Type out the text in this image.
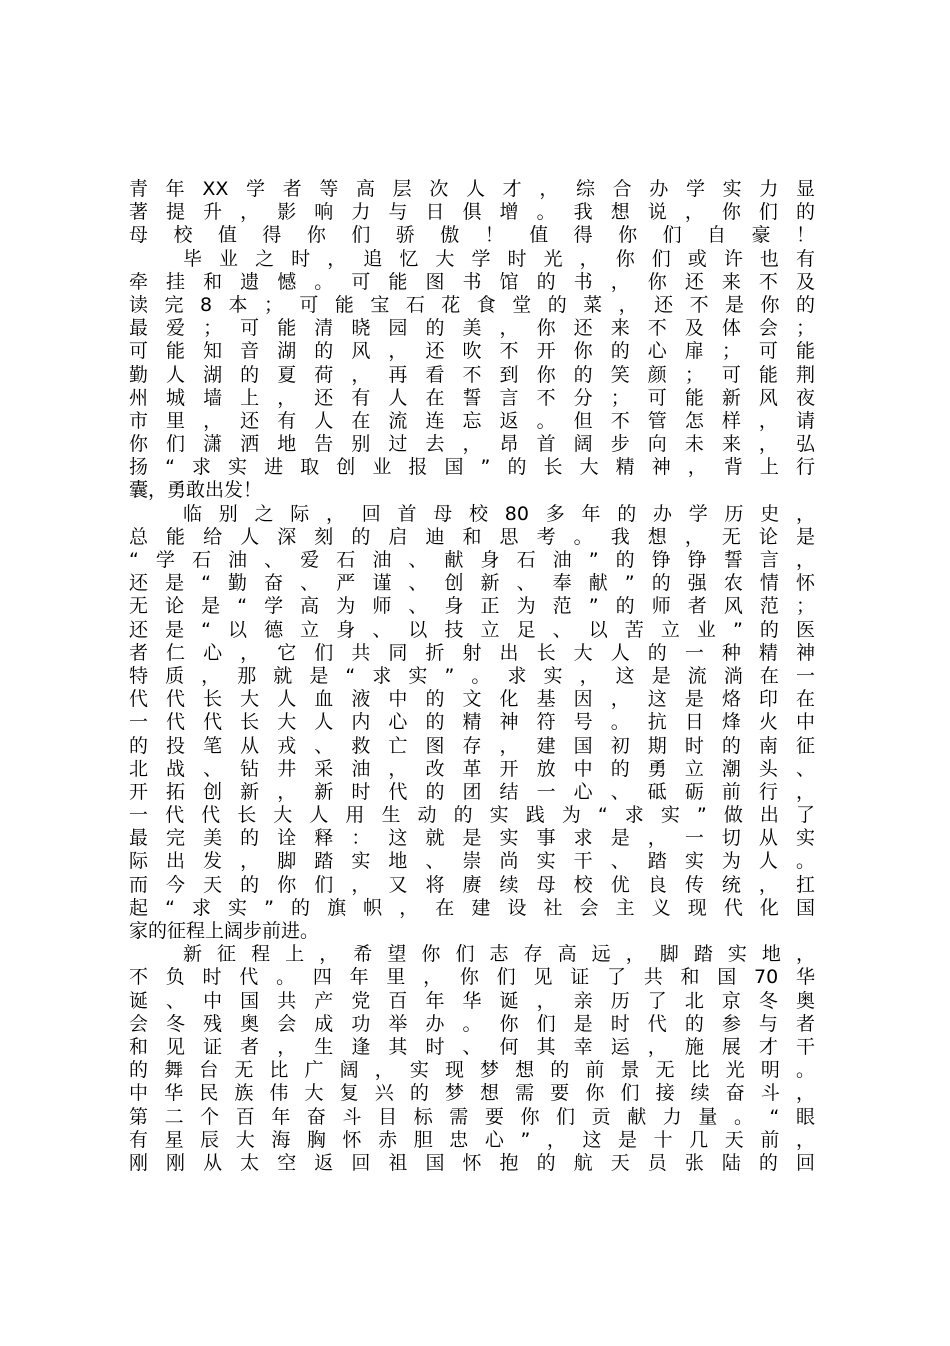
青年XX学者等高层次人才，综合办学实力显
著提升，影响力与日俱增。我想说，你们的
母校值得你们骄傲！值得你们自豪！
毕业之时，追忆大学时光，你们或许也有
牵挂和遗憾。可能图书馆的书，你还来不及
读完8本；可能宝石花食堂的菜，还不是你的
最爱；可能清晓园的美，你还来不及体会；
可能知音湖的风，还吹不开你的心扉；可能
勤人湖的夏荷，再看不到你的笑颜；可能荆
州城墙上，还有人在誓言不分；可能新风夜
市里，还有人在流连忘返。但不管怎样，请
你们潇洒地告别过去，昂首阔步向未来，弘
扬“求实进取创业报国”的长大精神，背上行
囊，勇敢出发！
临别之际，回首母校80多年的办学历史，
总能给人深刻的启迪和思考。我想，无论是
“学石油、爱石油、献身石油”的铮铮誓言，
还是“勤奋、严谨、创新、奉献”的强农情怀
无论是“学高为师、身正为范”的师者风范；
还是“以德立身、以技立足、以苦立业”的医
者仁心，它们共同折射出长大人的一种精神
特质，那就是“求实”。求实，这是流淌在一
代代长大人血液中的文化基因，这是烙印在
一代代长大人内心的精神符号。抗日烽火中
的投笔从戎、救亡图存，建国初期时的南征
北战、钻井采油，改革开放中的勇立潮头、
开拓创新，新时代的团结一心、砥砺前行，
一代代长大人用生动的实践为“求实”做出了
最完美的诠释：这就是实事求是，一切从实
际出发，脚踏实地、崇尚实干、踏实为人。
而今天的你们，又将赓续母校优良传统，扛
起“求实”的旗帜，在建设社会主义现代化国
家的征程上阔步前进。
新征程上，希望你们志存高远，脚踏实地，
不负时代。四年里，你们见证了共和国70华
诞、中国共产党百年华诞，亲历了北京冬奥
会冬残奥会成功举办。你们是时代的参与者
和见证者，生逢其时、何其幸运，施展才干
的舞台无比广阔，实现梦想的前景无比光明。
中华民族伟大复兴的梦想需要你们接续奋斗，
第二个百年奋斗目标需要你们贡献力量。“眼
有星辰大海胸怀赤胆忠心”，这是十几天前，
刚刚从太空返回祖国怀抱的航天员张陆的回
